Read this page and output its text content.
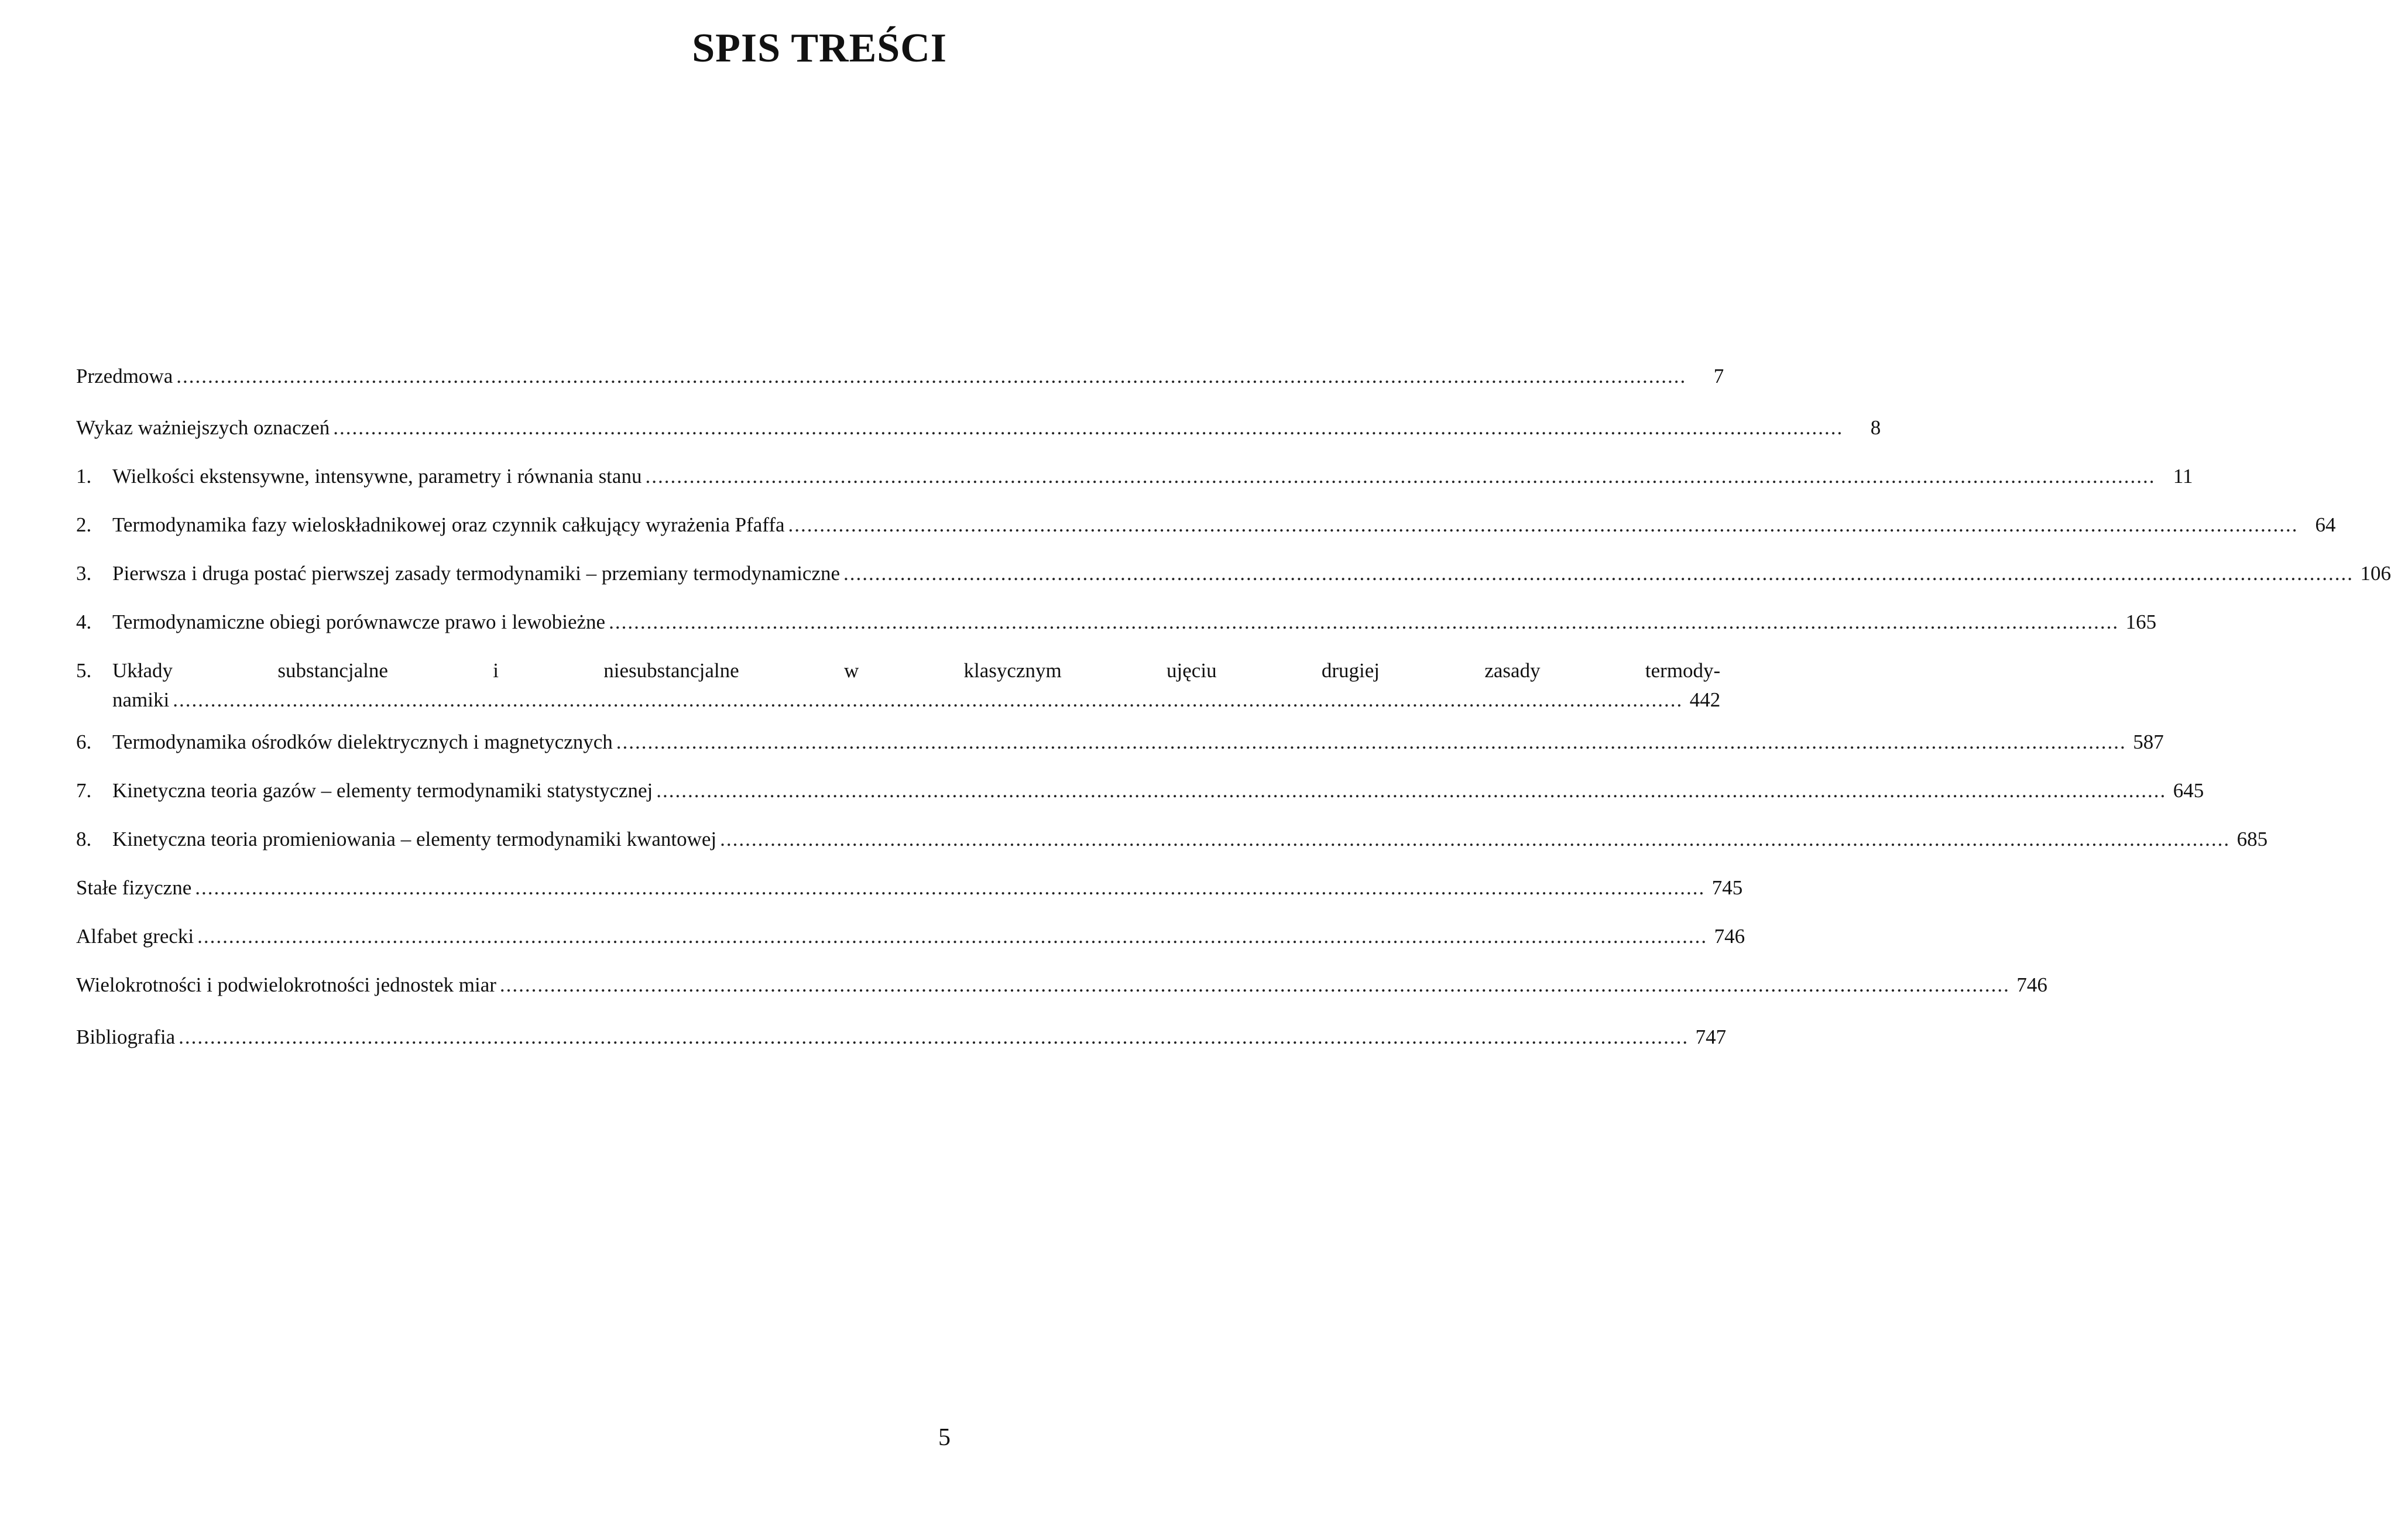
SPIS TREŚCI
Przedmowa .....	7
Wykaz ważniejszych oznaczeń .....	8
1.	Wielkości ekstensywne, intensywne, parametry i równania stanu .....	11
2.	Termodynamika fazy wieloskładnikowej oraz czynnik całkujący wyrażenia Pfaffa .....	64
3.	Pierwsza i druga postać pierwszej zasady termodynamiki – przemiany termodynamiczne .....	106
4.	Termodynamiczne obiegi porównawcze prawo i lewobieżne .....	165
5.	Układy substancjalne i niesubstancjalne w klasycznym ujęciu drugiej zasady termody-
namiki .....	442
6.	Termodynamika ośrodków dielektrycznych i magnetycznych .....	587
7.	Kinetyczna teoria gazów – elementy termodynamiki statystycznej .....	645
8.	Kinetyczna teoria promieniowania – elementy termodynamiki kwantowej .....	685
Stałe fizyczne .....	745
Alfabet grecki .....	746
Wielokrotności i podwielokrotności jednostek miar .....	746
Bibliografia .....	747

5
